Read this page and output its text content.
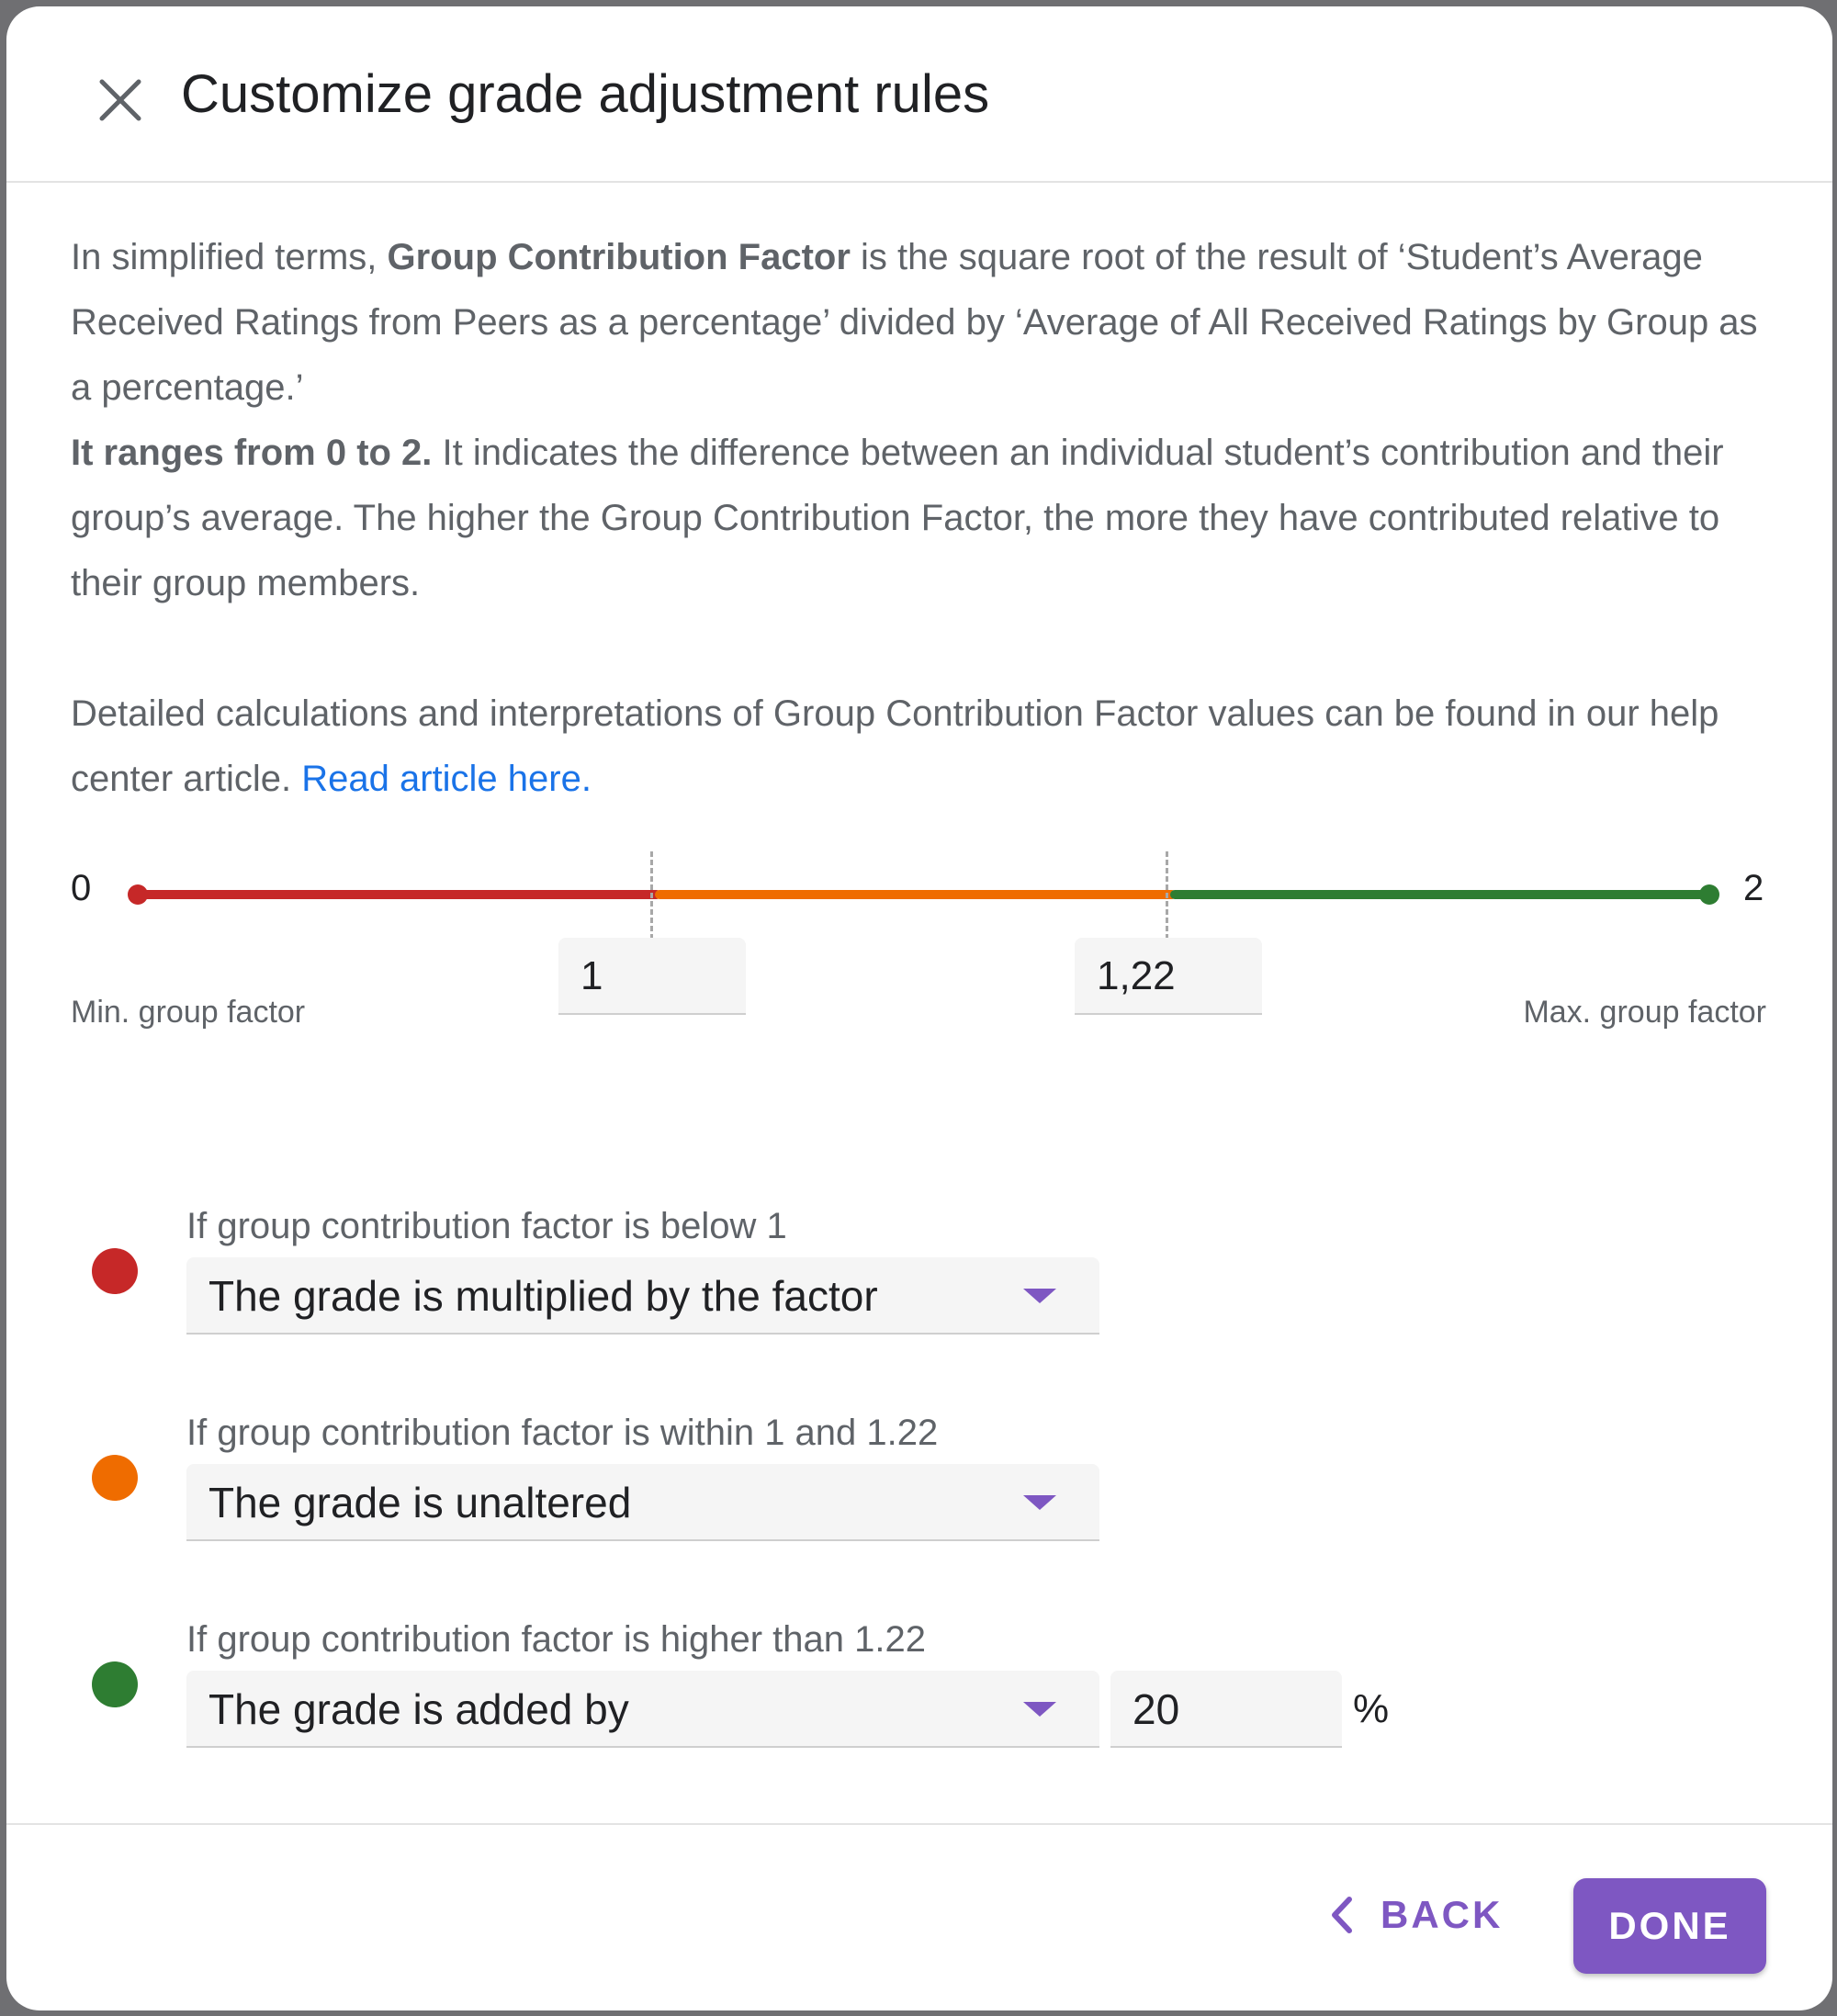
Customize grade adjustment rules

In simplified terms, Group Contribution Factor is the square root of the result of ‘Student’s Average Received Ratings from Peers as a percentage’ divided by ‘Average of All Received Ratings by Group as a percentage.’

It ranges from 0 to 2. It indicates the difference between an individual student’s contribution and their group’s average. The higher the Group Contribution Factor, the more they have contributed relative to their group members.

Detailed calculations and interpretations of Group Contribution Factor values can be found in our help center article. Read article here.

0	2
1	1,22
Min. group factor	Max. group factor
If group contribution factor is below 1
The grade is multiplied by the factor
If group contribution factor is within 1 and 1.22
The grade is unaltered
If group contribution factor is higher than 1.22
The grade is added by	20	%
BACK	DONE
